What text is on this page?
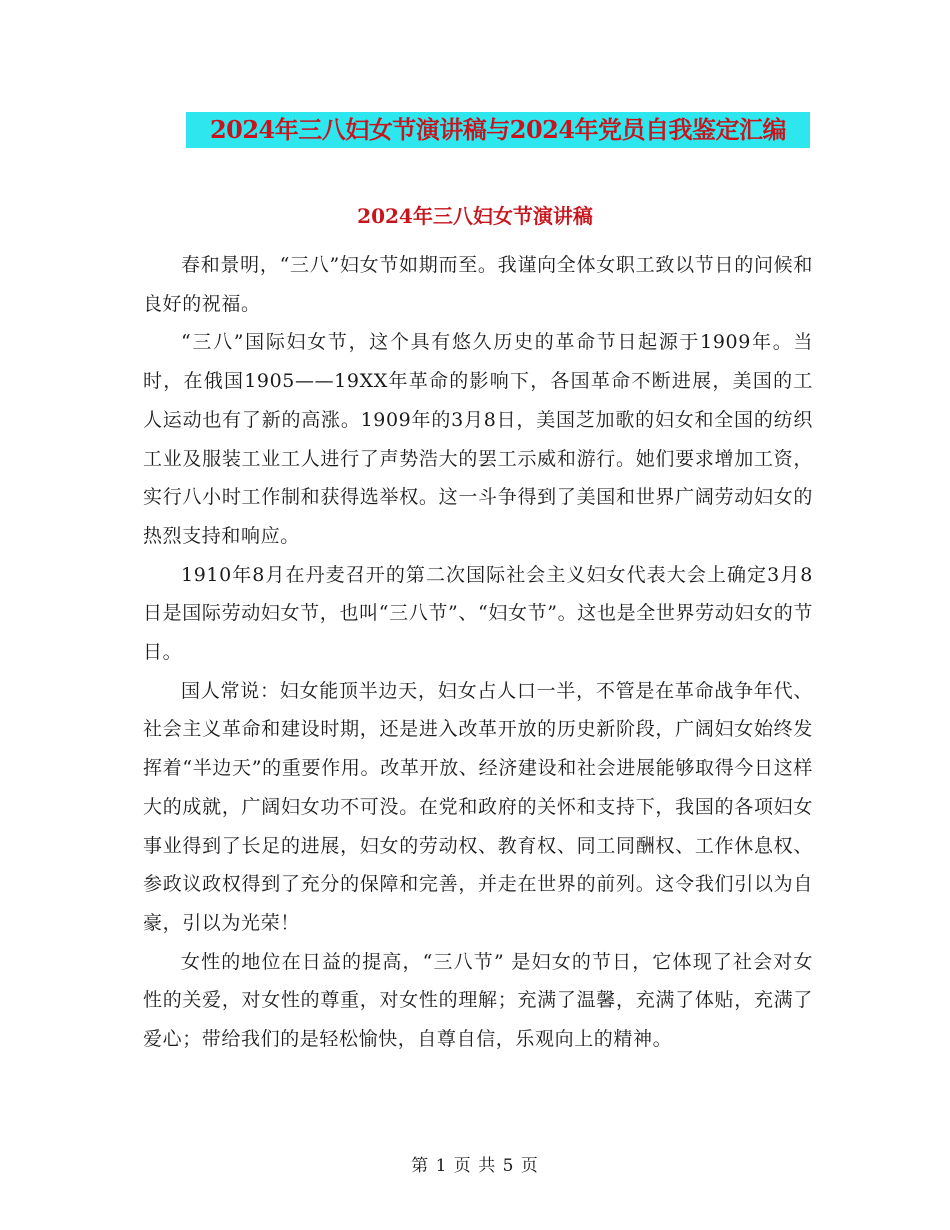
2024年三八妇女节演讲稿与2024年党员自我鉴定汇编
2024年三八妇女节演讲稿

春和景明，“三八”妇女节如期而至。我谨向全体女职工致以节日的问候和良好的祝福。

“三八”国际妇女节，这个具有悠久历史的革命节日起源于1909年。当时，在俄国1905——19XX年革命的影响下，各国革命不断进展，美国的工人运动也有了新的高涨。1909年的3月8日，美国芝加歌的妇女和全国的纺织工业及服装工业工人进行了声势浩大的罢工示威和游行。她们要求增加工资，实行八小时工作制和获得选举权。这一斗争得到了美国和世界广阔劳动妇女的热烈支持和响应。

1910年8月在丹麦召开的第二次国际社会主义妇女代表大会上确定3月8日是国际劳动妇女节，也叫“三八节”、“妇女节”。这也是全世界劳动妇女的节日。

国人常说：妇女能顶半边天，妇女占人口一半，不管是在革命战争年代、社会主义革命和建设时期，还是进入改革开放的历史新阶段，广阔妇女始终发挥着“半边天”的重要作用。改革开放、经济建设和社会进展能够取得今日这样大的成就，广阔妇女功不可没。在党和政府的关怀和支持下，我国的各项妇女事业得到了长足的进展，妇女的劳动权、教育权、同工同酬权、工作休息权、参政议政权得到了充分的保障和完善，并走在世界的前列。这令我们引以为自豪，引以为光荣！

女性的地位在日益的提高，“三八节” 是妇女的节日，它体现了社会对女性的关爱，对女性的尊重，对女性的理解；充满了温馨，充满了体贴，充满了爱心；带给我们的是轻松愉快，自尊自信，乐观向上的精神。

第 1 页 共 5 页
